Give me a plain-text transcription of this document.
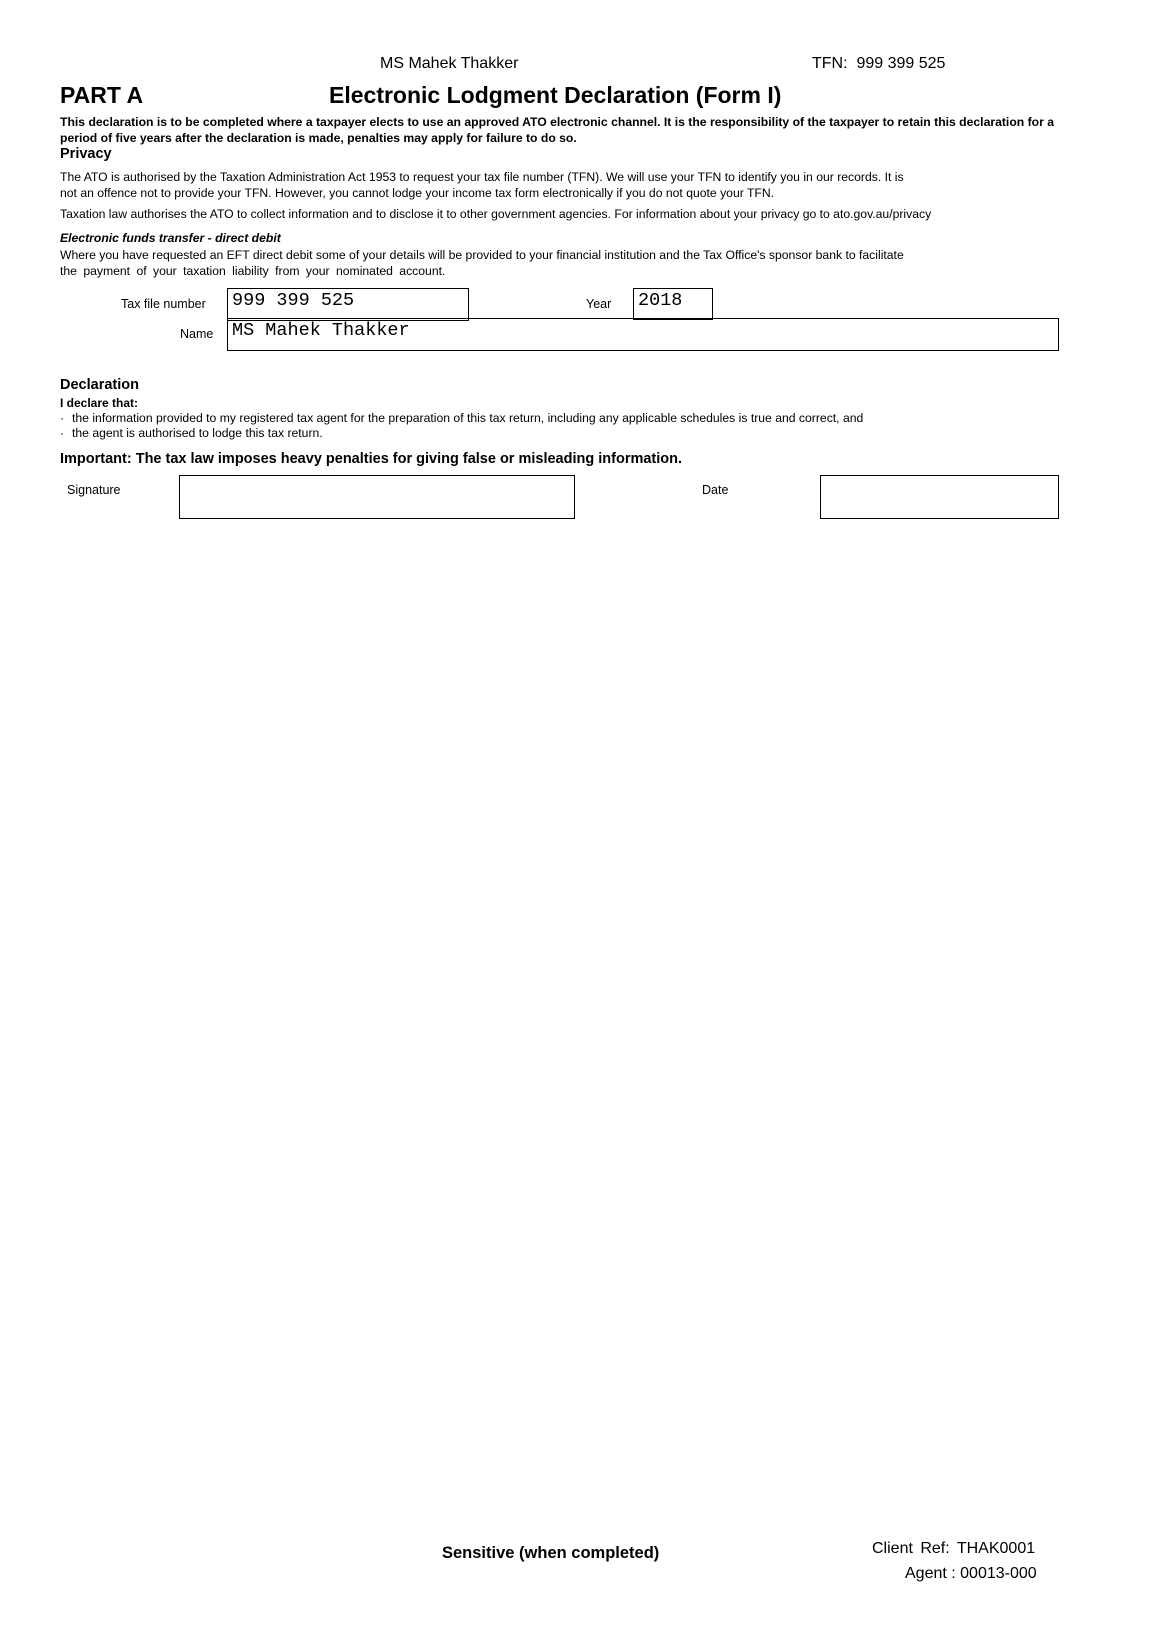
MS Mahek Thakker	TFN: 999 399 525
PART A	Electronic Lodgment Declaration (Form I)
This declaration is to be completed where a taxpayer elects to use an approved ATO electronic channel. It is the responsibility of the taxpayer to retain this declaration for a period of five years after the declaration is made, penalties may apply for failure to do so.
Privacy
The ATO is authorised by the Taxation Administration Act 1953 to request your tax file number (TFN). We will use your TFN to identify you in our records. It is
not an offence not to provide your TFN. However, you cannot lodge your income tax form electronically if you do not quote your TFN.
Taxation law authorises the ATO to collect information and to disclose it to other government agencies. For information about your privacy go to ato.gov.au/privacy
Electronic funds transfer - direct debit
Where you have requested an EFT direct debit some of your details will be provided to your financial institution and the Tax Office's sponsor bank to facilitate
the payment of your taxation liability from your nominated account.
Tax file number 999 399 525	Year 2018
Name MS Mahek Thakker
Declaration
I declare that:
· the information provided to my registered tax agent for the preparation of this tax return, including any applicable schedules is true and correct, and
· the agent is authorised to lodge this tax return.
Important: The tax law imposes heavy penalties for giving false or misleading information.
Signature	Date
Sensitive (when completed)	Client Ref: THAK0001
Agent : 00013-000
